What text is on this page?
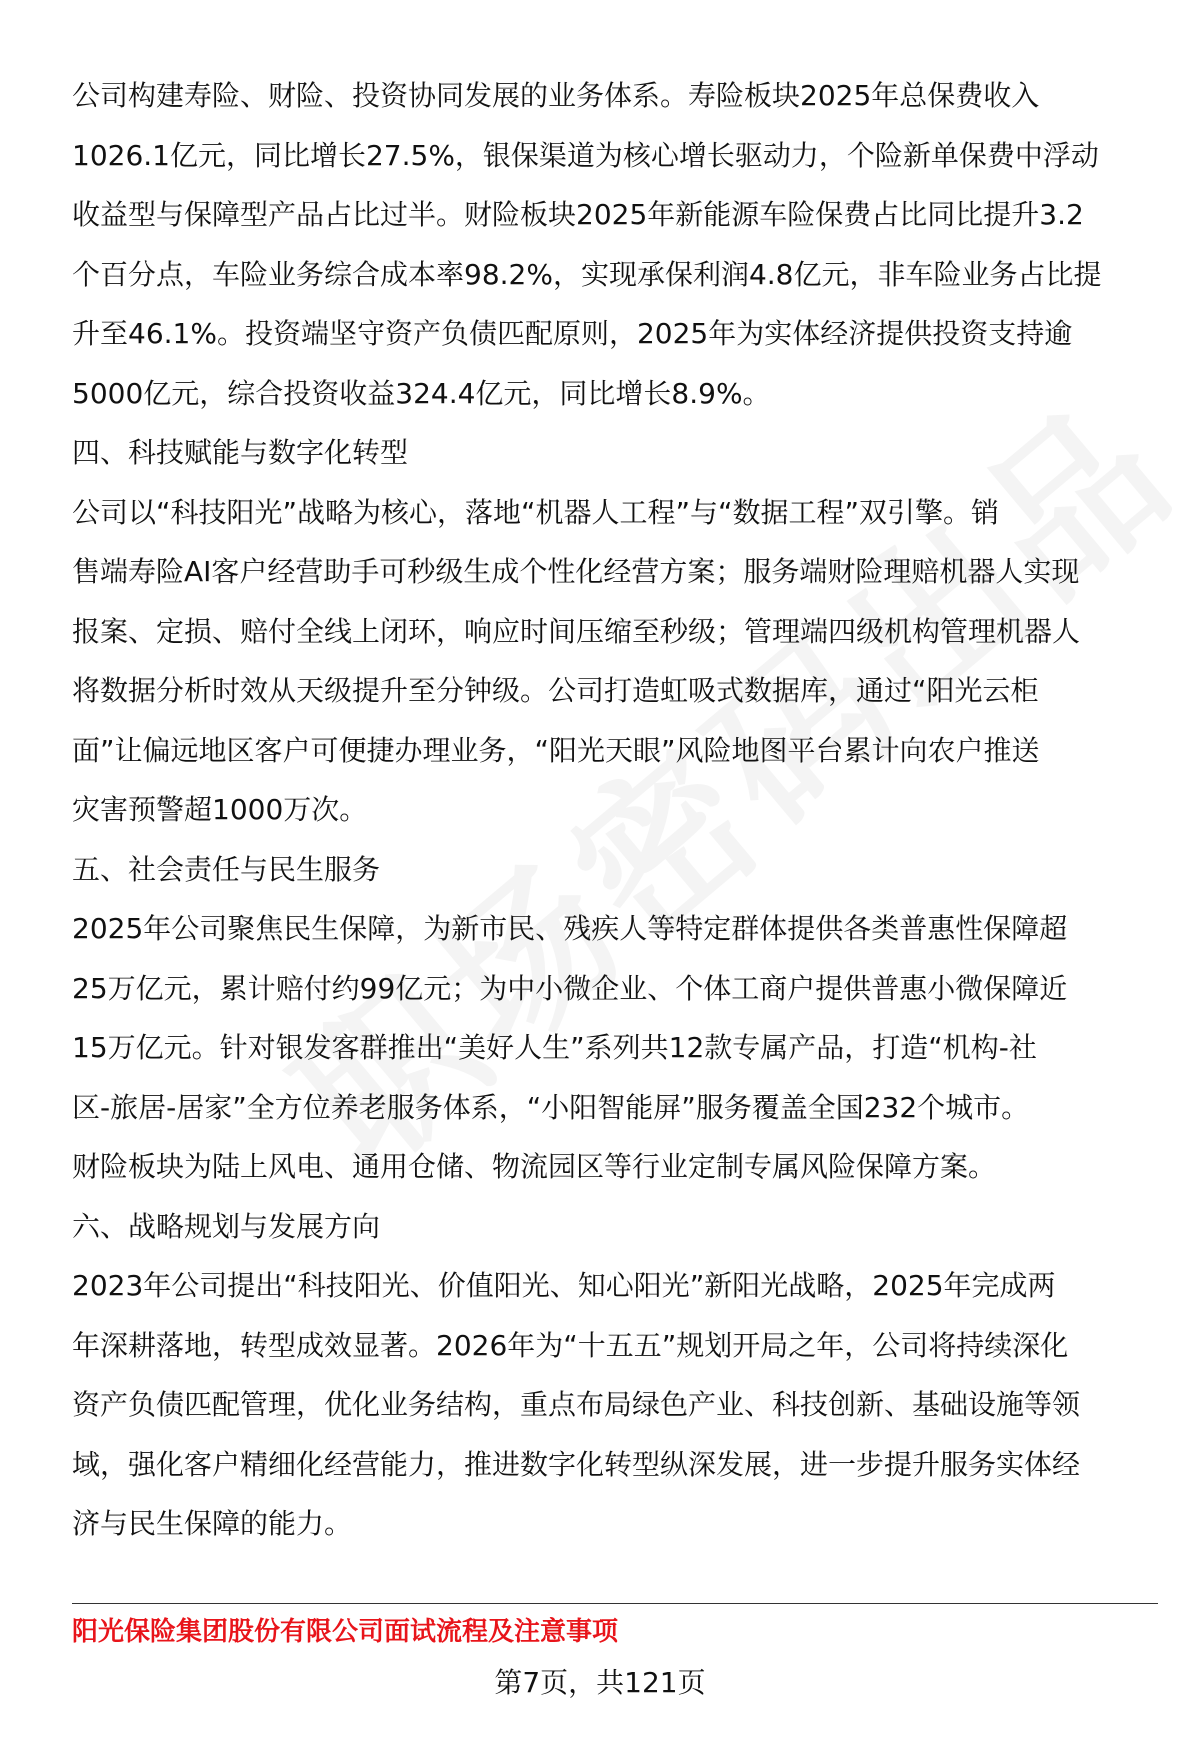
公司构建寿险、财险、投资协同发展的业务体系。寿险板块2025年总保费收入
1026.1亿元，同比增长27.5%，银保渠道为核心增长驱动力，个险新单保费中浮动
收益型与保障型产品占比过半。财险板块2025年新能源车险保费占比同比提升3.2
个百分点，车险业务综合成本率98.2%，实现承保利润4.8亿元，非车险业务占比提
升至46.1%。投资端坚守资产负债匹配原则，2025年为实体经济提供投资支持逾
5000亿元，综合投资收益324.4亿元，同比增长8.9%。
四、科技赋能与数字化转型
公司以“科技阳光”战略为核心，落地“机器人工程”与“数据工程”双引擎。销
售端寿险AI客户经营助手可秒级生成个性化经营方案；服务端财险理赔机器人实现
报案、定损、赔付全线上闭环，响应时间压缩至秒级；管理端四级机构管理机器人
将数据分析时效从天级提升至分钟级。公司打造虹吸式数据库，通过“阳光云柜
面”让偏远地区客户可便捷办理业务，“阳光天眼”风险地图平台累计向农户推送
灾害预警超1000万次。
五、社会责任与民生服务
2025年公司聚焦民生保障，为新市民、残疾人等特定群体提供各类普惠性保障超
25万亿元，累计赔付约99亿元；为中小微企业、个体工商户提供普惠小微保障近
15万亿元。针对银发客群推出“美好人生”系列共12款专属产品，打造“机构-社
区-旅居-居家”全方位养老服务体系，“小阳智能屏”服务覆盖全国232个城市。
财险板块为陆上风电、通用仓储、物流园区等行业定制专属风险保障方案。
六、战略规划与发展方向
2023年公司提出“科技阳光、价值阳光、知心阳光”新阳光战略，2025年完成两
年深耕落地，转型成效显著。2026年为“十五五”规划开局之年，公司将持续深化
资产负债匹配管理，优化业务结构，重点布局绿色产业、科技创新、基础设施等领
域，强化客户精细化经营能力，推进数字化转型纵深发展，进一步提升服务实体经
济与民生保障的能力。
阳光保险集团股份有限公司面试流程及注意事项
第7页，共121页
